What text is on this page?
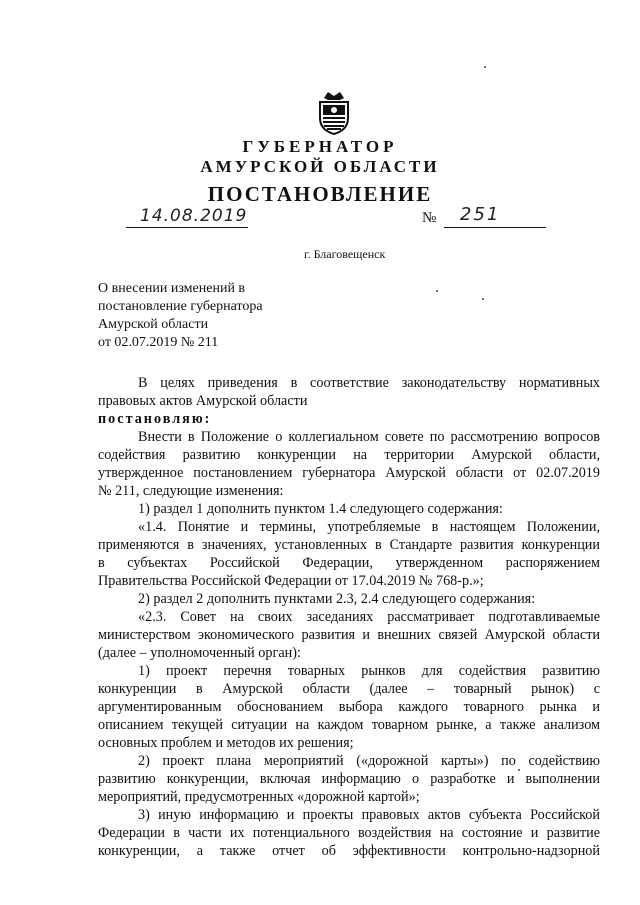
ГУБЕРНАТОР
АМУРСКОЙ ОБЛАСТИ
ПОСТАНОВЛЕНИЕ
14.08.2019	№ 251
г. Благовещенск
О внесении изменений в
постановление губернатора
Амурской области
от 02.07.2019 № 211

В целях приведения в соответствие законодательству нормативных

правовых актов Амурской области

постановляю:

Внести в Положение о коллегиальном совете по рассмотрению вопросов

содействия развитию конкуренции на территории Амурской области,

утвержденное постановлением губернатора Амурской области от 02.07.2019

№ 211, следующие изменения:

1) раздел 1 дополнить пунктом 1.4 следующего содержания:

«1.4. Понятие и термины, употребляемые в настоящем Положении,

применяются в значениях, установленных в Стандарте развития конкуренции

в субъектах Российской Федерации, утвержденном распоряжением

Правительства Российской Федерации от 17.04.2019 № 768-р.»;

2) раздел 2 дополнить пунктами 2.3, 2.4 следующего содержания:

«2.3. Совет на своих заседаниях рассматривает подготавливаемые

министерством экономического развития и внешних связей Амурской области

(далее – уполномоченный орган):

1) проект перечня товарных рынков для содействия развитию

конкуренции в Амурской области (далее – товарный рынок) с

аргументированным обоснованием выбора каждого товарного рынка и

описанием текущей ситуации на каждом товарном рынке, а также анализом

основных проблем и методов их решения;

2) проект плана мероприятий («дорожной карты») по содействию

развитию конкуренции, включая информацию о разработке и выполнении

мероприятий, предусмотренных «дорожной картой»;

3) иную информацию и проекты правовых актов субъекта Российской

Федерации в части их потенциального воздействия на состояние и развитие

конкуренции, а также отчет об эффективности контрольно-надзорной
